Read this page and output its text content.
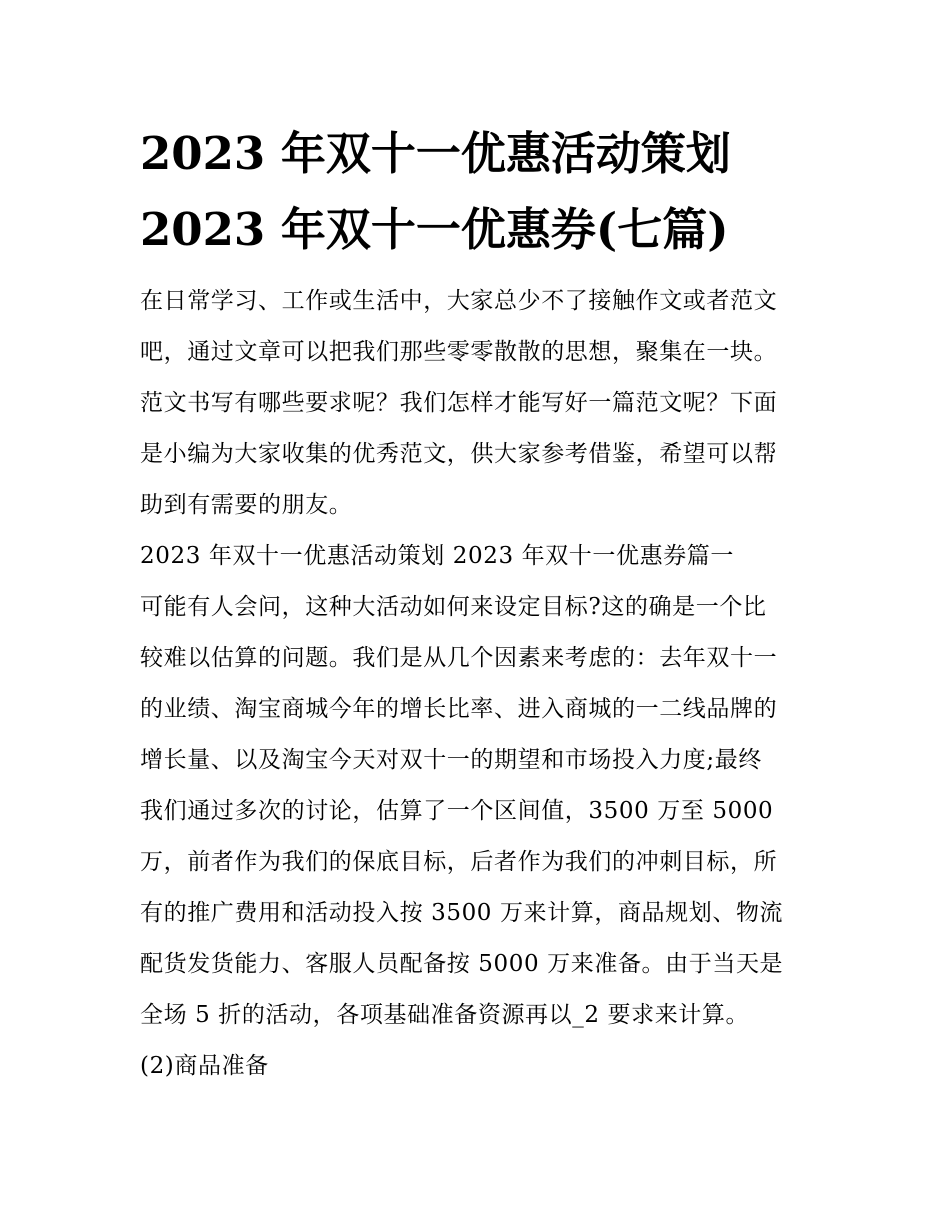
2023 年双十一优惠活动策划
2023 年双十一优惠券(七篇)
在日常学习、工作或生活中，大家总少不了接触作文或者范文
吧，通过文章可以把我们那些零零散散的思想，聚集在一块。
范文书写有哪些要求呢？我们怎样才能写好一篇范文呢？下面
是小编为大家收集的优秀范文，供大家参考借鉴，希望可以帮
助到有需要的朋友。
2023 年双十一优惠活动策划 2023 年双十一优惠券篇一
可能有人会问，这种大活动如何来设定目标?这的确是一个比
较难以估算的问题。我们是从几个因素来考虑的：去年双十一
的业绩、淘宝商城今年的增长比率、进入商城的一二线品牌的
增长量、以及淘宝今天对双十一的期望和市场投入力度;最终
我们通过多次的讨论，估算了一个区间值，3500 万至 5000
万，前者作为我们的保底目标，后者作为我们的冲刺目标，所
有的推广费用和活动投入按 3500 万来计算，商品规划、物流
配货发货能力、客服人员配备按 5000 万来准备。由于当天是
全场 5 折的活动，各项基础准备资源再以_2 要求来计算。
(2)商品准备
